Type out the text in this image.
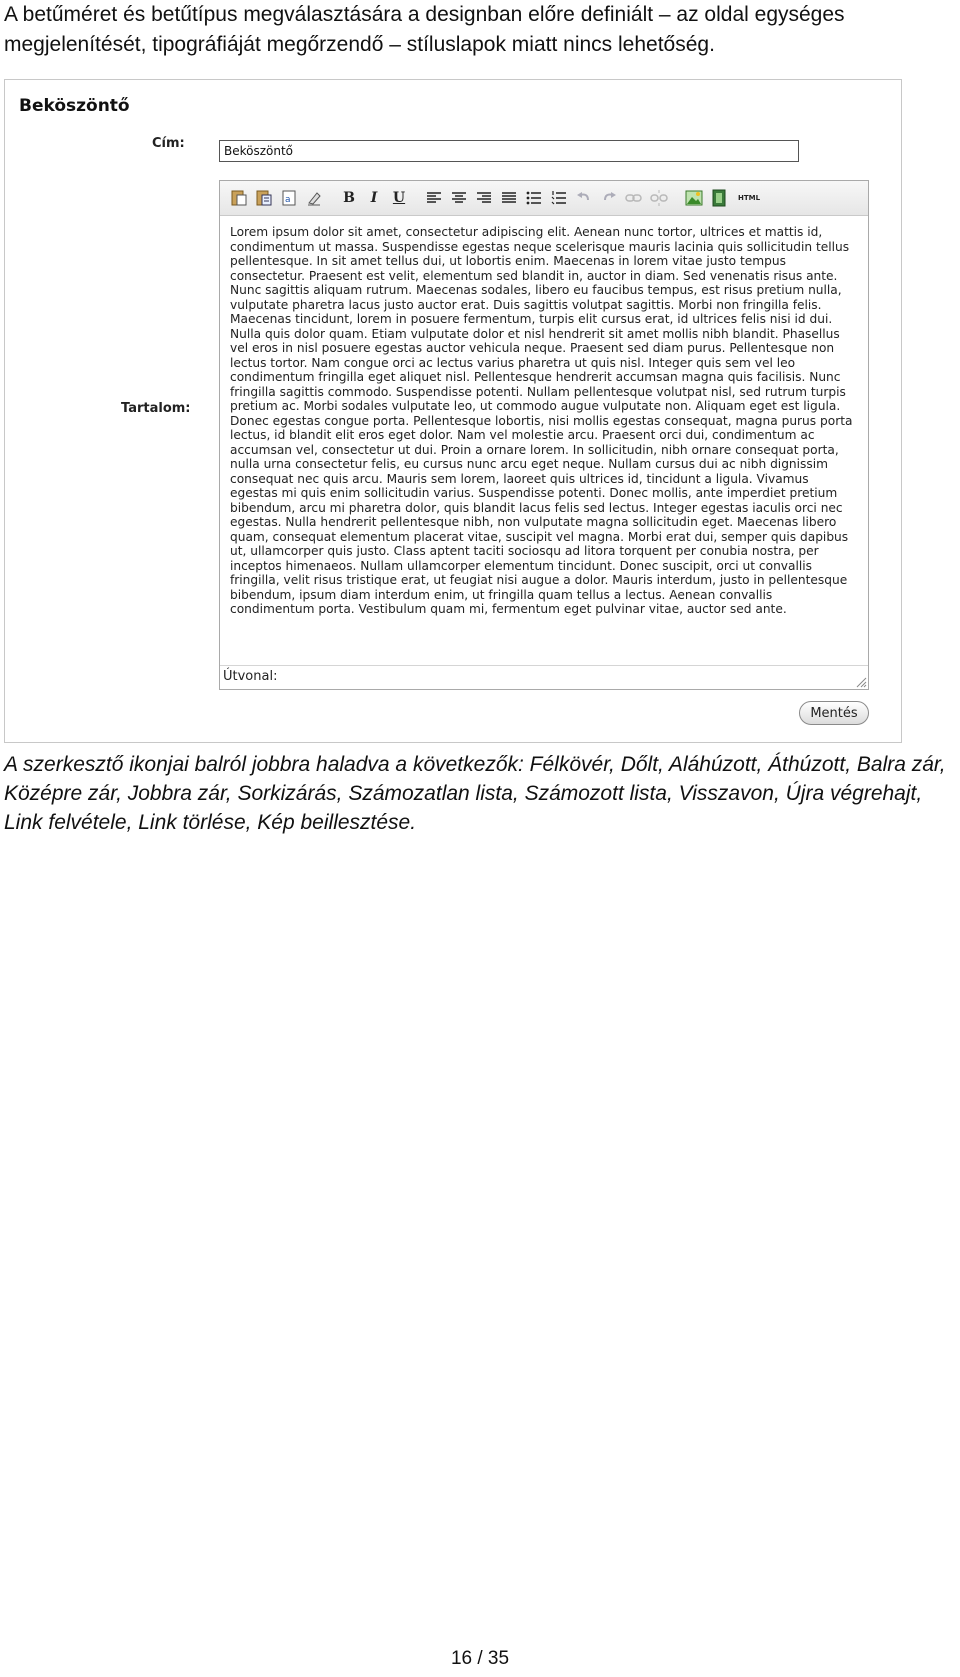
A betűméret és betűtípus megválasztására a designban előre definiált – az oldal egységes megjelenítését, tipográfiáját megőrzendő – stíluslapok miatt nincs lehetőség.
Beköszöntő
Cím:	Beköszöntő
Tartalom:
a	B	I	U	HTML
Lorem ipsum dolor sit amet, consectetur adipiscing elit. Aenean nunc tortor, ultrices et mattis id, condimentum ut massa. Suspendisse egestas neque scelerisque mauris lacinia quis sollicitudin tellus pellentesque. In sit amet tellus dui, ut lobortis enim. Maecenas in lorem vitae justo tempus consectetur. Praesent est velit, elementum sed blandit in, auctor in diam. Sed venenatis risus ante. Nunc sagittis aliquam rutrum. Maecenas sodales, libero eu faucibus tempus, est risus pretium nulla, vulputate pharetra lacus justo auctor erat. Duis sagittis volutpat sagittis. Morbi non fringilla felis. Maecenas tincidunt, lorem in posuere fermentum, turpis elit cursus erat, id ultrices felis nisi id dui. Nulla quis dolor quam. Etiam vulputate dolor et nisl hendrerit sit amet mollis nibh blandit. Phasellus vel eros in nisl posuere egestas auctor vehicula neque. Praesent sed diam purus. Pellentesque non lectus tortor. Nam congue orci ac lectus varius pharetra ut quis nisl. Integer quis sem vel leo condimentum fringilla eget aliquet nisl. Pellentesque hendrerit accumsan magna quis facilisis. Nunc fringilla sagittis commodo. Suspendisse potenti. Nullam pellentesque volutpat nisl, sed rutrum turpis pretium ac. Morbi sodales vulputate leo, ut commodo augue vulputate non. Aliquam eget est ligula. Donec egestas congue porta. Pellentesque lobortis, nisi mollis egestas consequat, magna purus porta lectus, id blandit elit eros eget dolor. Nam vel molestie arcu. Praesent orci dui, condimentum ac accumsan vel, consectetur ut dui. Proin a ornare lorem. In sollicitudin, nibh ornare consequat porta, nulla urna consectetur felis, eu cursus nunc arcu eget neque. Nullam cursus dui ac nibh dignissim consequat nec quis arcu. Mauris sem lorem, laoreet quis ultrices id, tincidunt a ligula. Vivamus egestas mi quis enim sollicitudin varius. Suspendisse potenti. Donec mollis, ante imperdiet pretium bibendum, arcu mi pharetra dolor, quis blandit lacus felis sed lectus. Integer egestas iaculis orci nec egestas. Nulla hendrerit pellentesque nibh, non vulputate magna sollicitudin eget. Maecenas libero quam, consequat elementum placerat vitae, suscipit vel magna. Morbi erat dui, semper quis dapibus ut, ullamcorper quis justo. Class aptent taciti sociosqu ad litora torquent per conubia nostra, per inceptos himenaeos. Nullam ullamcorper elementum tincidunt. Donec suscipit, orci ut convallis fringilla, velit risus tristique erat, ut feugiat nisi augue a dolor. Mauris interdum, justo in pellentesque bibendum, ipsum diam interdum enim, ut fringilla quam tellus a lectus. Aenean convallis condimentum porta. Vestibulum quam mi, fermentum eget pulvinar vitae, auctor sed ante.
Útvonal:
Mentés
A szerkesztő ikonjai balról jobbra haladva a következők: Félkövér, Dőlt, Aláhúzott, Áthúzott, Balra zár, Középre zár, Jobbra zár, Sorkizárás, Számozatlan lista, Számozott lista, Visszavon, Újra végrehajt, Link felvétele, Link törlése, Kép beillesztése.
16 / 35
